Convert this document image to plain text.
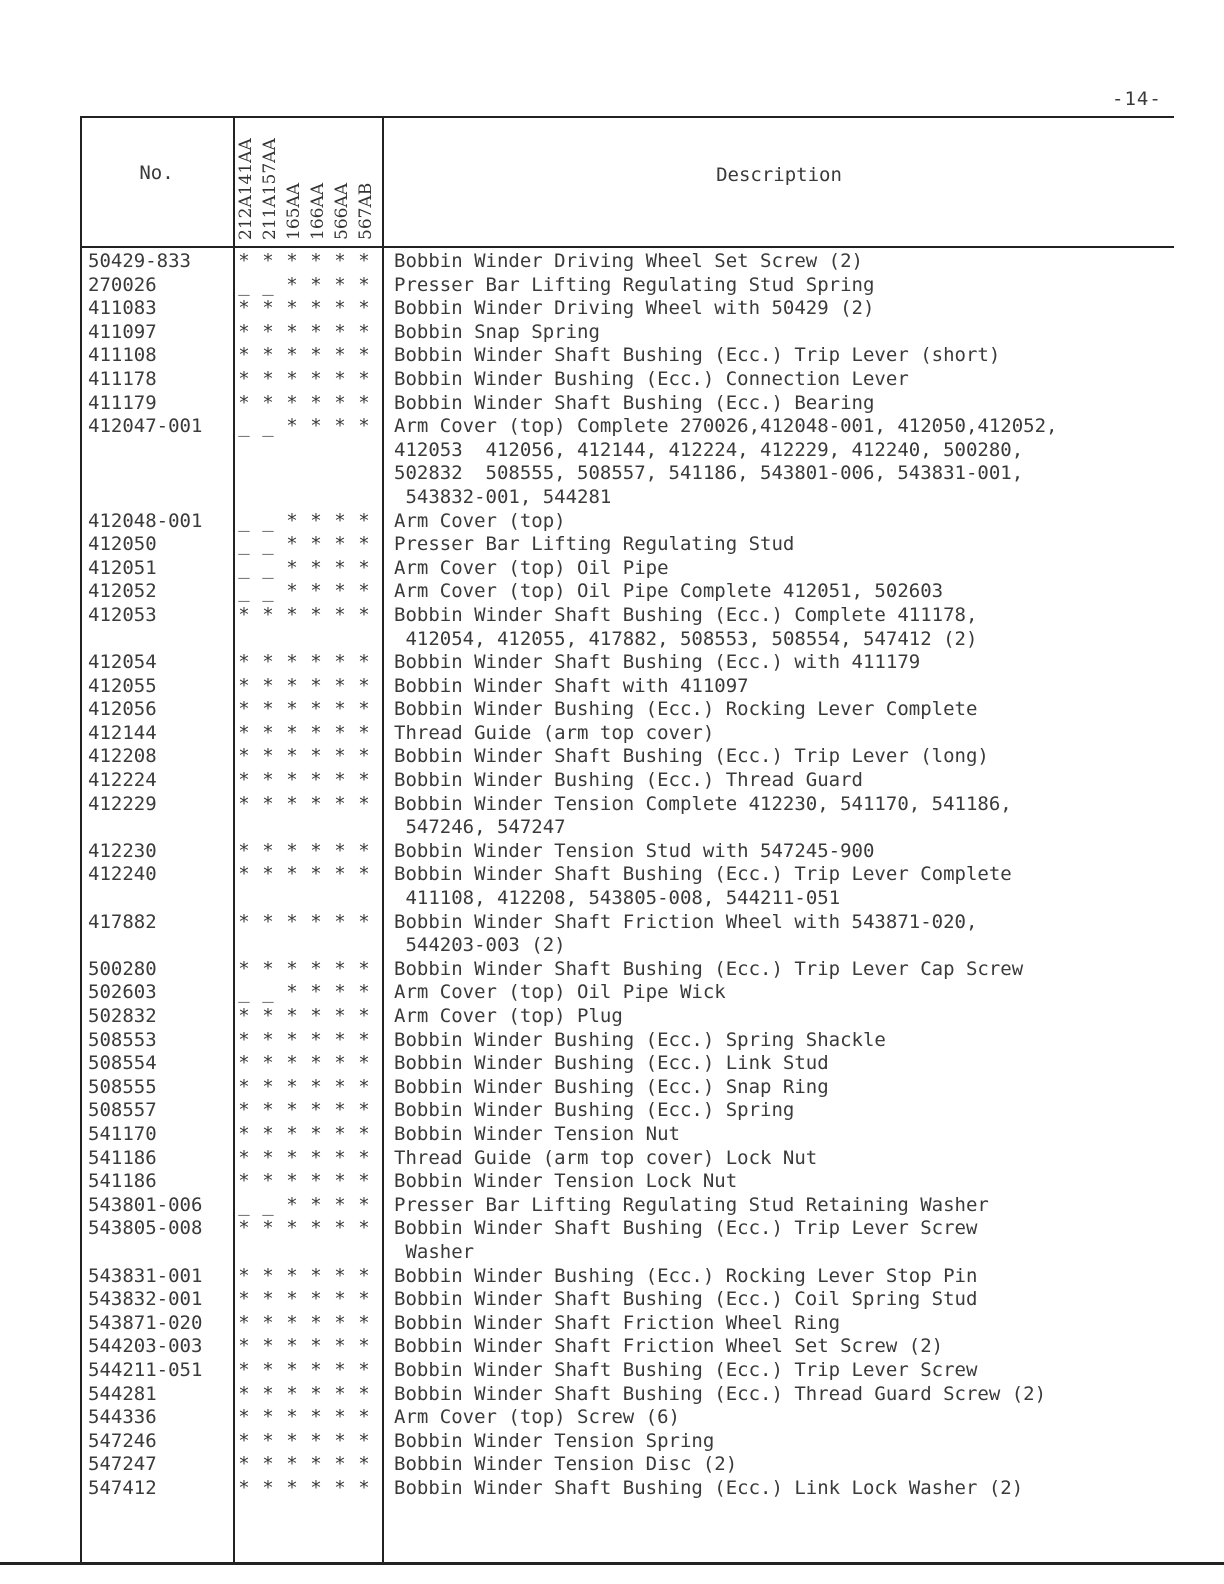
-14-
No.	Description
212A141AA 211A157AA 165AA 166AA 566AA 567AB
50429-833	* * * * * *	Bobbin Winder Driving Wheel Set Screw (2)
270026	_ _ * * * *	Presser Bar Lifting Regulating Stud Spring
411083	* * * * * *	Bobbin Winder Driving Wheel with 50429 (2)
411097	* * * * * *	Bobbin Snap Spring
411108	* * * * * *	Bobbin Winder Shaft Bushing (Ecc.) Trip Lever (short)
411178	* * * * * *	Bobbin Winder Bushing (Ecc.) Connection Lever
411179	* * * * * *	Bobbin Winder Shaft Bushing (Ecc.) Bearing
412047-001	_ _ * * * *	Arm Cover (top) Complete 270026,412048-001, 412050,412052,
412053  412056, 412144, 412224, 412229, 412240, 500280,
502832  508555, 508557, 541186, 543801-006, 543831-001,
543832-001, 544281
412048-001	_ _ * * * *	Arm Cover (top)
412050	_ _ * * * *	Presser Bar Lifting Regulating Stud
412051	_ _ * * * *	Arm Cover (top) Oil Pipe
412052	_ _ * * * *	Arm Cover (top) Oil Pipe Complete 412051, 502603
412053	* * * * * *	Bobbin Winder Shaft Bushing (Ecc.) Complete 411178,
412054, 412055, 417882, 508553, 508554, 547412 (2)
412054	* * * * * *	Bobbin Winder Shaft Bushing (Ecc.) with 411179
412055	* * * * * *	Bobbin Winder Shaft with 411097
412056	* * * * * *	Bobbin Winder Bushing (Ecc.) Rocking Lever Complete
412144	* * * * * *	Thread Guide (arm top cover)
412208	* * * * * *	Bobbin Winder Shaft Bushing (Ecc.) Trip Lever (long)
412224	* * * * * *	Bobbin Winder Bushing (Ecc.) Thread Guard
412229	* * * * * *	Bobbin Winder Tension Complete 412230, 541170, 541186,
547246, 547247
412230	* * * * * *	Bobbin Winder Tension Stud with 547245-900
412240	* * * * * *	Bobbin Winder Shaft Bushing (Ecc.) Trip Lever Complete
411108, 412208, 543805-008, 544211-051
417882	* * * * * *	Bobbin Winder Shaft Friction Wheel with 543871-020,
544203-003 (2)
500280	* * * * * *	Bobbin Winder Shaft Bushing (Ecc.) Trip Lever Cap Screw
502603	_ _ * * * *	Arm Cover (top) Oil Pipe Wick
502832	* * * * * *	Arm Cover (top) Plug
508553	* * * * * *	Bobbin Winder Bushing (Ecc.) Spring Shackle
508554	* * * * * *	Bobbin Winder Bushing (Ecc.) Link Stud
508555	* * * * * *	Bobbin Winder Bushing (Ecc.) Snap Ring
508557	* * * * * *	Bobbin Winder Bushing (Ecc.) Spring
541170	* * * * * *	Bobbin Winder Tension Nut
541186	* * * * * *	Thread Guide (arm top cover) Lock Nut
541186	* * * * * *	Bobbin Winder Tension Lock Nut
543801-006	_ _ * * * *	Presser Bar Lifting Regulating Stud Retaining Washer
543805-008	* * * * * *	Bobbin Winder Shaft Bushing (Ecc.) Trip Lever Screw
Washer
543831-001	* * * * * *	Bobbin Winder Bushing (Ecc.) Rocking Lever Stop Pin
543832-001	* * * * * *	Bobbin Winder Shaft Bushing (Ecc.) Coil Spring Stud
543871-020	* * * * * *	Bobbin Winder Shaft Friction Wheel Ring
544203-003	* * * * * *	Bobbin Winder Shaft Friction Wheel Set Screw (2)
544211-051	* * * * * *	Bobbin Winder Shaft Bushing (Ecc.) Trip Lever Screw
544281	* * * * * *	Bobbin Winder Shaft Bushing (Ecc.) Thread Guard Screw (2)
544336	* * * * * *	Arm Cover (top) Screw (6)
547246	* * * * * *	Bobbin Winder Tension Spring
547247	* * * * * *	Bobbin Winder Tension Disc (2)
547412	* * * * * *	Bobbin Winder Shaft Bushing (Ecc.) Link Lock Washer (2)
